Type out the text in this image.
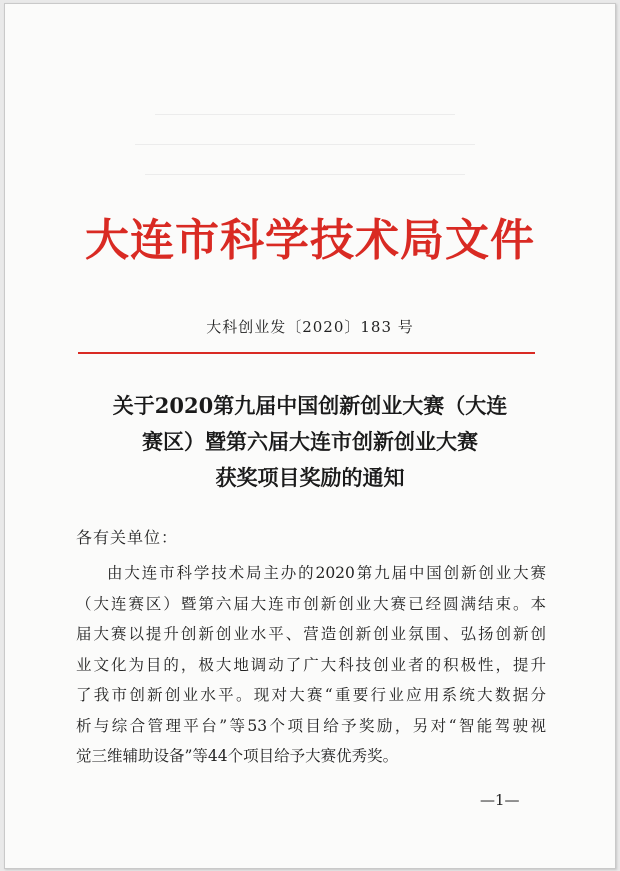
大连市科学技术局文件
大科创业发〔2020〕183 号
关于2020第九届中国创新创业大赛（大连
赛区）暨第六届大连市创新创业大赛
获奖项目奖励的通知
各有关单位：
由大连市科学技术局主办的2020第九届中国创新创业大赛
（大连赛区）暨第六届大连市创新创业大赛已经圆满结束。本
届大赛以提升创新创业水平、营造创新创业氛围、弘扬创新创
业文化为目的，极大地调动了广大科技创业者的积极性，提升
了我市创新创业水平。现对大赛“重要行业应用系统大数据分
析与综合管理平台”等53个项目给予奖励，另对“智能驾驶视
觉三维辅助设备”等44个项目给予大赛优秀奖。
—1—
